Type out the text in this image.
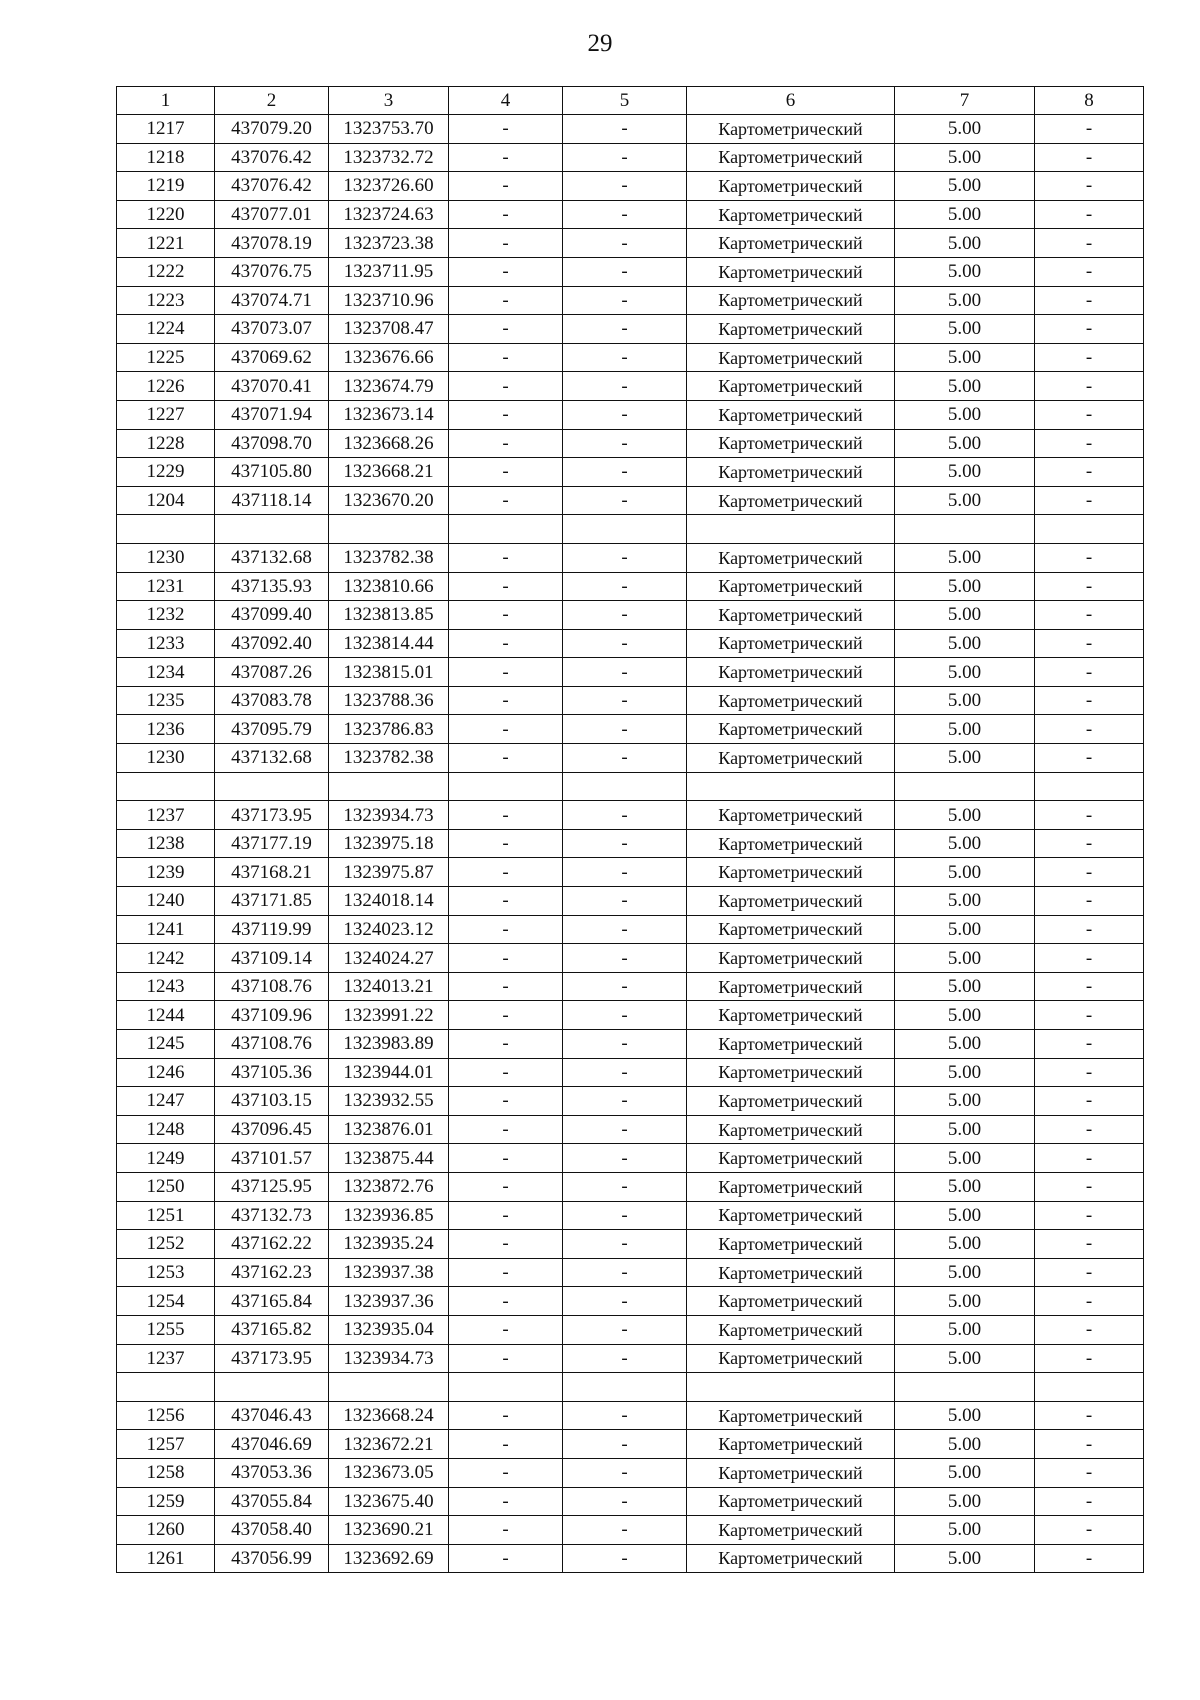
29
1	2	3	4	5	6	7	8
1217	437079.20	1323753.70	-	-	Картометрический	5.00	-
1218	437076.42	1323732.72	-	-	Картометрический	5.00	-
1219	437076.42	1323726.60	-	-	Картометрический	5.00	-
1220	437077.01	1323724.63	-	-	Картометрический	5.00	-
1221	437078.19	1323723.38	-	-	Картометрический	5.00	-
1222	437076.75	1323711.95	-	-	Картометрический	5.00	-
1223	437074.71	1323710.96	-	-	Картометрический	5.00	-
1224	437073.07	1323708.47	-	-	Картометрический	5.00	-
1225	437069.62	1323676.66	-	-	Картометрический	5.00	-
1226	437070.41	1323674.79	-	-	Картометрический	5.00	-
1227	437071.94	1323673.14	-	-	Картометрический	5.00	-
1228	437098.70	1323668.26	-	-	Картометрический	5.00	-
1229	437105.80	1323668.21	-	-	Картометрический	5.00	-
1204	437118.14	1323670.20	-	-	Картометрический	5.00	-

1230	437132.68	1323782.38	-	-	Картометрический	5.00	-
1231	437135.93	1323810.66	-	-	Картометрический	5.00	-
1232	437099.40	1323813.85	-	-	Картометрический	5.00	-
1233	437092.40	1323814.44	-	-	Картометрический	5.00	-
1234	437087.26	1323815.01	-	-	Картометрический	5.00	-
1235	437083.78	1323788.36	-	-	Картометрический	5.00	-
1236	437095.79	1323786.83	-	-	Картометрический	5.00	-
1230	437132.68	1323782.38	-	-	Картометрический	5.00	-

1237	437173.95	1323934.73	-	-	Картометрический	5.00	-
1238	437177.19	1323975.18	-	-	Картометрический	5.00	-
1239	437168.21	1323975.87	-	-	Картометрический	5.00	-
1240	437171.85	1324018.14	-	-	Картометрический	5.00	-
1241	437119.99	1324023.12	-	-	Картометрический	5.00	-
1242	437109.14	1324024.27	-	-	Картометрический	5.00	-
1243	437108.76	1324013.21	-	-	Картометрический	5.00	-
1244	437109.96	1323991.22	-	-	Картометрический	5.00	-
1245	437108.76	1323983.89	-	-	Картометрический	5.00	-
1246	437105.36	1323944.01	-	-	Картометрический	5.00	-
1247	437103.15	1323932.55	-	-	Картометрический	5.00	-
1248	437096.45	1323876.01	-	-	Картометрический	5.00	-
1249	437101.57	1323875.44	-	-	Картометрический	5.00	-
1250	437125.95	1323872.76	-	-	Картометрический	5.00	-
1251	437132.73	1323936.85	-	-	Картометрический	5.00	-
1252	437162.22	1323935.24	-	-	Картометрический	5.00	-
1253	437162.23	1323937.38	-	-	Картометрический	5.00	-
1254	437165.84	1323937.36	-	-	Картометрический	5.00	-
1255	437165.82	1323935.04	-	-	Картометрический	5.00	-
1237	437173.95	1323934.73	-	-	Картометрический	5.00	-

1256	437046.43	1323668.24	-	-	Картометрический	5.00	-
1257	437046.69	1323672.21	-	-	Картометрический	5.00	-
1258	437053.36	1323673.05	-	-	Картометрический	5.00	-
1259	437055.84	1323675.40	-	-	Картометрический	5.00	-
1260	437058.40	1323690.21	-	-	Картометрический	5.00	-
1261	437056.99	1323692.69	-	-	Картометрический	5.00	-
